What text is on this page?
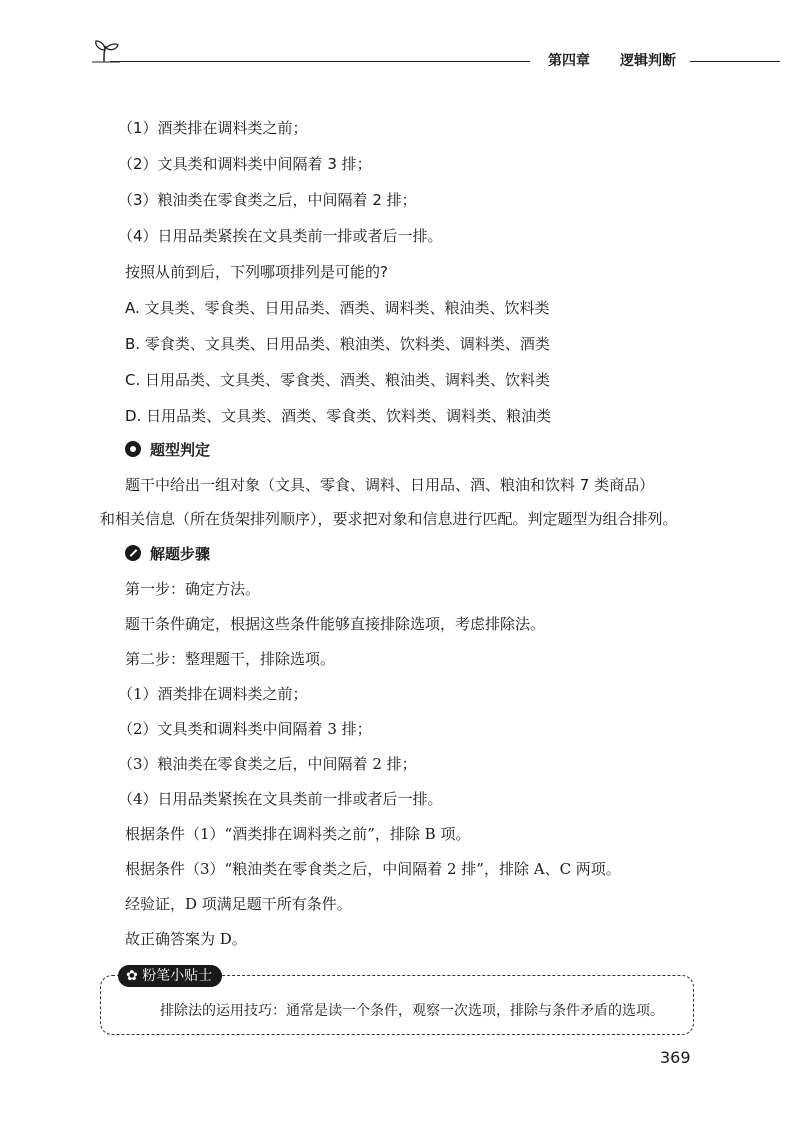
第四章 逻辑判断
（1）酒类排在调料类之前；
（2）文具类和调料类中间隔着 3 排；
（3）粮油类在零食类之后，中间隔着 2 排；
（4）日用品类紧挨在文具类前一排或者后一排。
按照从前到后，下列哪项排列是可能的?
A. 文具类、零食类、日用品类、酒类、调料类、粮油类、饮料类
B. 零食类、文具类、日用品类、粮油类、饮料类、调料类、酒类
C. 日用品类、文具类、零食类、酒类、粮油类、调料类、饮料类
D. 日用品类、文具类、酒类、零食类、饮料类、调料类、粮油类
题型判定
题干中给出一组对象（文具、零食、调料、日用品、酒、粮油和饮料 7 类商品）
和相关信息（所在货架排列顺序），要求把对象和信息进行匹配。判定题型为组合排列。
解题步骤
第一步：确定方法。
题干条件确定，根据这些条件能够直接排除选项，考虑排除法。
第二步：整理题干，排除选项。
（1）酒类排在调料类之前；
（2）文具类和调料类中间隔着 3 排；
（3）粮油类在零食类之后，中间隔着 2 排；
（4）日用品类紧挨在文具类前一排或者后一排。
根据条件（1）“酒类排在调料类之前”，排除 B 项。
根据条件（3）“粮油类在零食类之后，中间隔着 2 排”，排除 A、C 两项。
经验证，D 项满足题干所有条件。
故正确答案为 D。
✿ 粉笔小贴士
排除法的运用技巧：通常是读一个条件，观察一次选项，排除与条件矛盾的选项。
369
